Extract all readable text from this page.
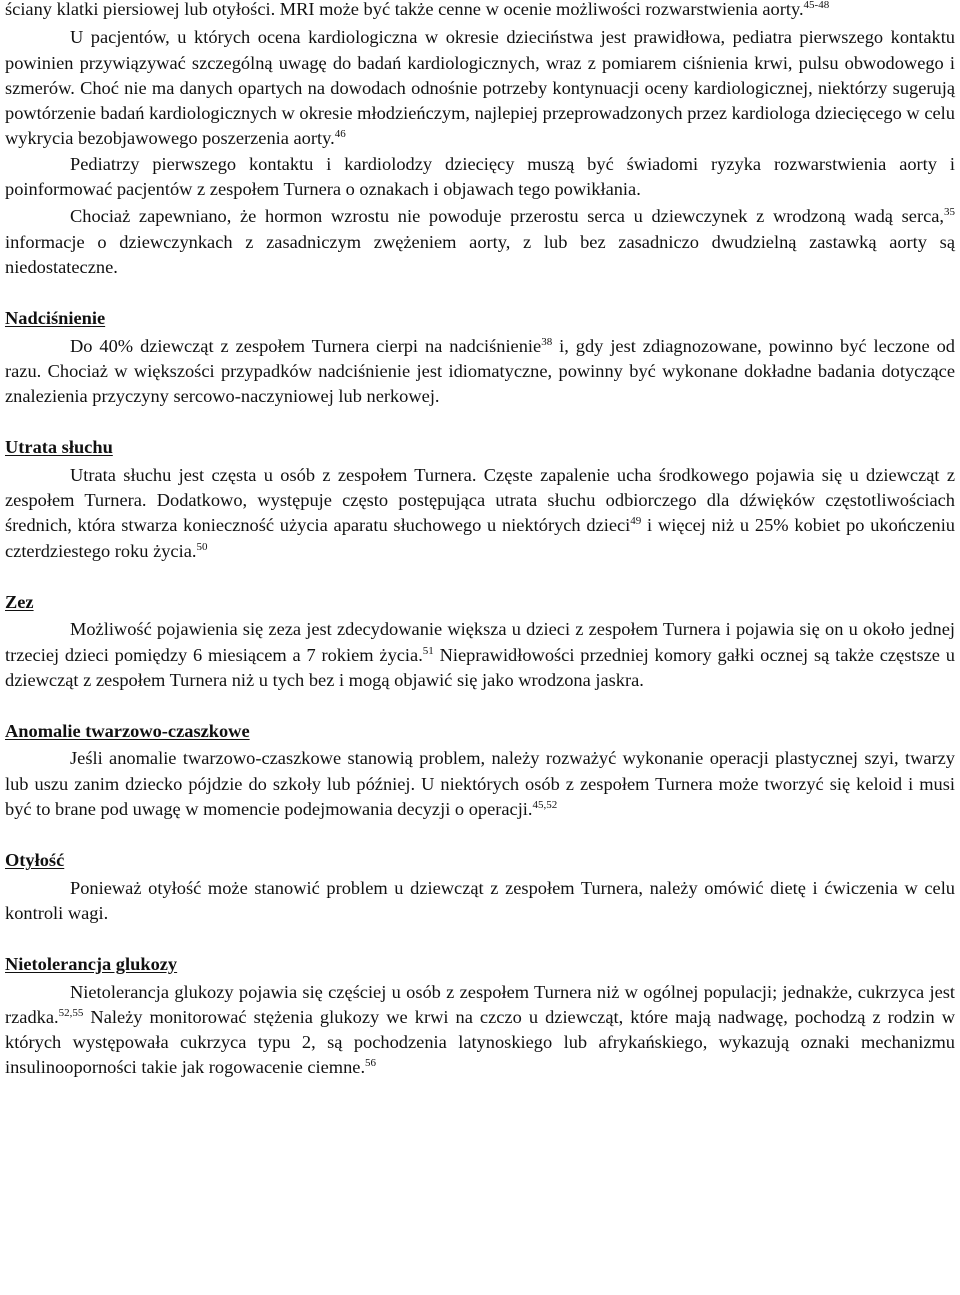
ściany klatki piersiowej lub otyłości. MRI może być także cenne w ocenie możliwości rozwarstwienia aorty.$^{45-48}$

U pacjentów, u których ocena kardiologiczna w okresie dzieciństwa jest prawidłowa, pediatra pierwszego kontaktu powinien przywiązywać szczególną uwagę do badań kardiologicznych, wraz z pomiarem ciśnienia krwi, pulsu obwodowego i szmerów. Choć nie ma danych opartych na dowodach odnośnie potrzeby kontynuacji oceny kardiologicznej, niektórzy sugerują powtórzenie badań kardiologicznych w okresie młodzieńczym, najlepiej przeprowadzonych przez kardiologa dziecięcego w celu wykrycia bezobjawowego poszerzenia aorty.$^{46}$

Pediatrzy pierwszego kontaktu i kardiolodzy dziecięcy muszą być świadomi ryzyka rozwarstwienia aorty i poinformować pacjentów z zespołem Turnera o oznakach i objawach tego powikłania.

Chociaż zapewniano, że hormon wzrostu nie powoduje przerostu serca u dziewczynek z wrodzoną wadą serca,$^{35}$ informacje o dziewczynkach z zasadniczym zwężeniem aorty, z lub bez zasadniczo dwudzielną zastawką aorty są niedostateczne.

Nadciśnienie

Do 40% dziewcząt z zespołem Turnera cierpi na nadciśnienie$^{38}$ i, gdy jest zdiagnozowane, powinno być leczone od razu. Chociaż w większości przypadków nadciśnienie jest idiomatyczne, powinny być wykonane dokładne badania dotyczące znalezienia przyczyny sercowo-naczyniowej lub nerkowej.

Utrata słuchu

Utrata słuchu jest częsta u osób z zespołem Turnera. Częste zapalenie ucha środkowego pojawia się u dziewcząt z zespołem Turnera. Dodatkowo, występuje często postępująca utrata słuchu odbiorczego dla dźwięków częstotliwościach średnich, która stwarza konieczność użycia aparatu słuchowego u niektórych dzieci$^{49}$ i więcej niż u 25% kobiet po ukończeniu czterdziestego roku życia.$^{50}$

Zez

Możliwość pojawienia się zeza jest zdecydowanie większa u dzieci z zespołem Turnera i pojawia się on u około jednej trzeciej dzieci pomiędzy 6 miesiącem a 7 rokiem życia.$^{51}$ Nieprawidłowości przedniej komory gałki ocznej są także częstsze u dziewcząt z zespołem Turnera niż u tych bez i mogą objawić się jako wrodzona jaskra.

Anomalie twarzowo-czaszkowe

Jeśli anomalie twarzowo-czaszkowe stanowią problem, należy rozważyć wykonanie operacji plastycznej szyi, twarzy lub uszu zanim dziecko pójdzie do szkoły lub później. U niektórych osób z zespołem Turnera może tworzyć się keloid i musi być to brane pod uwagę w momencie podejmowania decyzji o operacji.$^{45,52}$

Otyłość

Ponieważ otyłość może stanowić problem u dziewcząt z zespołem Turnera, należy omówić dietę i ćwiczenia w celu kontroli wagi.

Nietolerancja glukozy

Nietolerancja glukozy pojawia się częściej u osób z zespołem Turnera niż w ogólnej populacji; jednakże, cukrzyca jest rzadka.$^{52,55}$ Należy monitorować stężenia glukozy we krwi na czczo u dziewcząt, które mają nadwagę, pochodzą z rodzin w których występowała cukrzyca typu 2, są pochodzenia latynoskiego lub afrykańskiego, wykazują oznaki mechanizmu insulinooporności takie jak rogowacenie ciemne.$^{56}$
